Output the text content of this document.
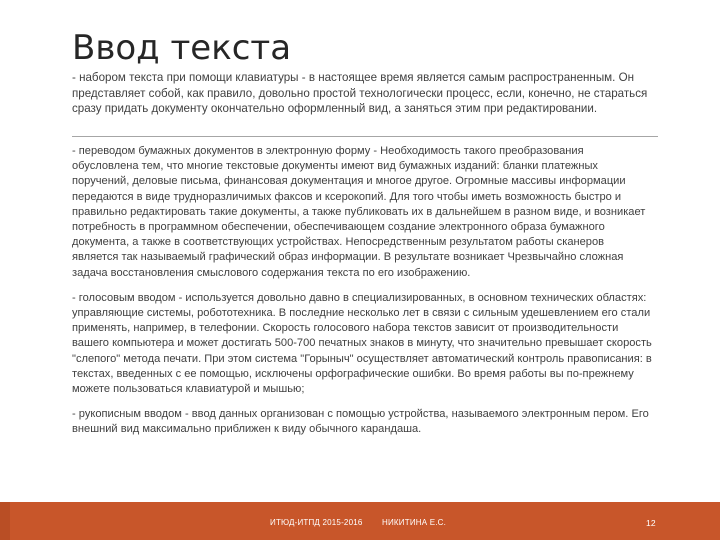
Ввод текста

- набором текста при помощи клавиатуры - в настоящее время является самым распространенным. Он представляет собой, как правило, довольно простой технологически процесс, если, конечно, не стараться сразу придать документу окончательно оформленный вид, а заняться этим при редактировании.

- переводом бумажных документов в электронную форму - Необходимость такого преобразования обусловлена тем, что многие текстовые документы имеют вид бумажных изданий: бланки платежных поручений, деловые письма, финансовая документация и многое другое. Огромные массивы информации передаются в виде трудноразличимых факсов и ксерокопий. Для того чтобы иметь возможность быстро и правильно редактировать такие документы, а также публиковать их в дальнейшем в разном виде, и возникает потребность в программном обеспечении, обеспечивающем создание электронного образа бумажного документа, а также в соответствующих устройствах. Непосредственным результатом работы сканеров является так называемый графический образ информации. В результате возникает Чрезвычайно сложная задача восстановления смыслового содержания текста по его изображению.

- голосовым вводом - используется довольно давно в специализированных, в основном технических областях: управляющие системы, робототехника. В последние несколько лет в связи с сильным удешевлением его стали применять, например, в телефонии. Скорость голосового набора текстов зависит от производительности вашего компьютера и может достигать 500-700 печатных знаков в минуту, что значительно превышает скорость "слепого" метода печати. При этом система "Горыныч" осуществляет автоматический контроль правописания: в текстах, введенных с ее помощью, исключены орфографические ошибки. Во время работы вы по-прежнему можете пользоваться клавиатурой и мышью;

- рукописным вводом - ввод данных организован с помощью устройства, называемого электронным пером. Его внешний вид максимально приближен к виду обычного карандаша.

ИТЮД-ИТПД 2015-2016 НИКИТИНА Е.С.	12
